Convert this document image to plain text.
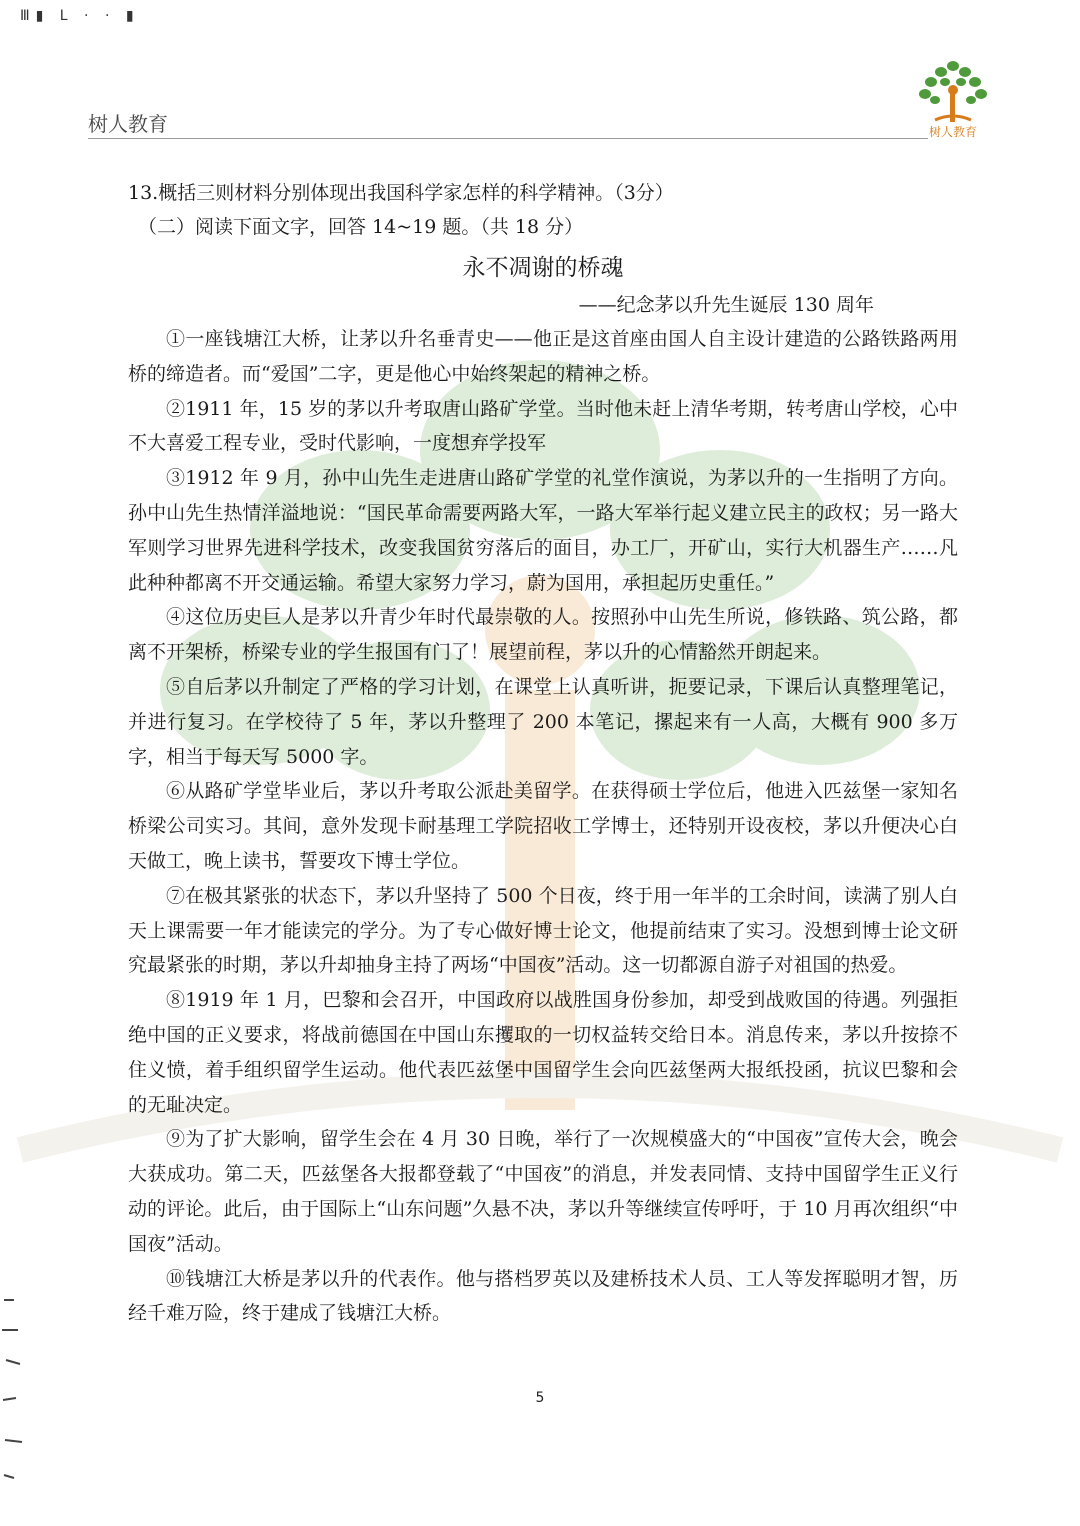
Ⅲ▮ L · · ▮
树人教育	树人教育
13.概括三则材料分别体现出我国科学家怎样的科学精神。（3分）
（二）阅读下面文字，回答 14~19 题。（共 18 分）
永不凋谢的桥魂
——纪念茅以升先生诞辰 130 周年

①一座钱塘江大桥，让茅以升名垂青史——他正是这首座由国人自主设计建造的公路铁路两用桥的缔造者。而“爱国”二字，更是他心中始终架起的精神之桥。

②1911 年，15 岁的茅以升考取唐山路矿学堂。当时他未赶上清华考期，转考唐山学校，心中不大喜爱工程专业，受时代影响，一度想弃学投军

③1912 年 9 月，孙中山先生走进唐山路矿学堂的礼堂作演说，为茅以升的一生指明了方向。孙中山先生热情洋溢地说：“国民革命需要两路大军，一路大军举行起义建立民主的政权；另一路大军则学习世界先进科学技术，改变我国贫穷落后的面目，办工厂，开矿山，实行大机器生产……凡此种种都离不开交通运输。希望大家努力学习，蔚为国用，承担起历史重任。”

④这位历史巨人是茅以升青少年时代最崇敬的人。按照孙中山先生所说，修铁路、筑公路，都离不开架桥，桥梁专业的学生报国有门了！展望前程，茅以升的心情豁然开朗起来。

⑤自后茅以升制定了严格的学习计划，在课堂上认真听讲，扼要记录，下课后认真整理笔记，并进行复习。在学校待了 5 年，茅以升整理了 200 本笔记，摞起来有一人高，大概有 900 多万字，相当于每天写 5000 字。

⑥从路矿学堂毕业后，茅以升考取公派赴美留学。在获得硕士学位后，他进入匹兹堡一家知名桥梁公司实习。其间，意外发现卡耐基理工学院招收工学博士，还特别开设夜校，茅以升便决心白天做工，晚上读书，誓要攻下博士学位。

⑦在极其紧张的状态下，茅以升坚持了 500 个日夜，终于用一年半的工余时间，读满了别人白天上课需要一年才能读完的学分。为了专心做好博士论文，他提前结束了实习。没想到博士论文研究最紧张的时期，茅以升却抽身主持了两场“中国夜”活动。这一切都源自游子对祖国的热爱。

⑧1919 年 1 月，巴黎和会召开，中国政府以战胜国身份参加，却受到战败国的待遇。列强拒绝中国的正义要求，将战前德国在中国山东攫取的一切权益转交给日本。消息传来，茅以升按捺不住义愤，着手组织留学生运动。他代表匹兹堡中国留学生会向匹兹堡两大报纸投函，抗议巴黎和会的无耻决定。

⑨为了扩大影响，留学生会在 4 月 30 日晚，举行了一次规模盛大的“中国夜”宣传大会，晚会大获成功。第二天，匹兹堡各大报都登载了“中国夜”的消息，并发表同情、支持中国留学生正义行动的评论。此后，由于国际上“山东问题”久悬不决，茅以升等继续宣传呼吁，于 10 月再次组织“中国夜”活动。

⑩钱塘江大桥是茅以升的代表作。他与搭档罗英以及建桥技术人员、工人等发挥聪明才智，历经千难万险，终于建成了钱塘江大桥。

5
